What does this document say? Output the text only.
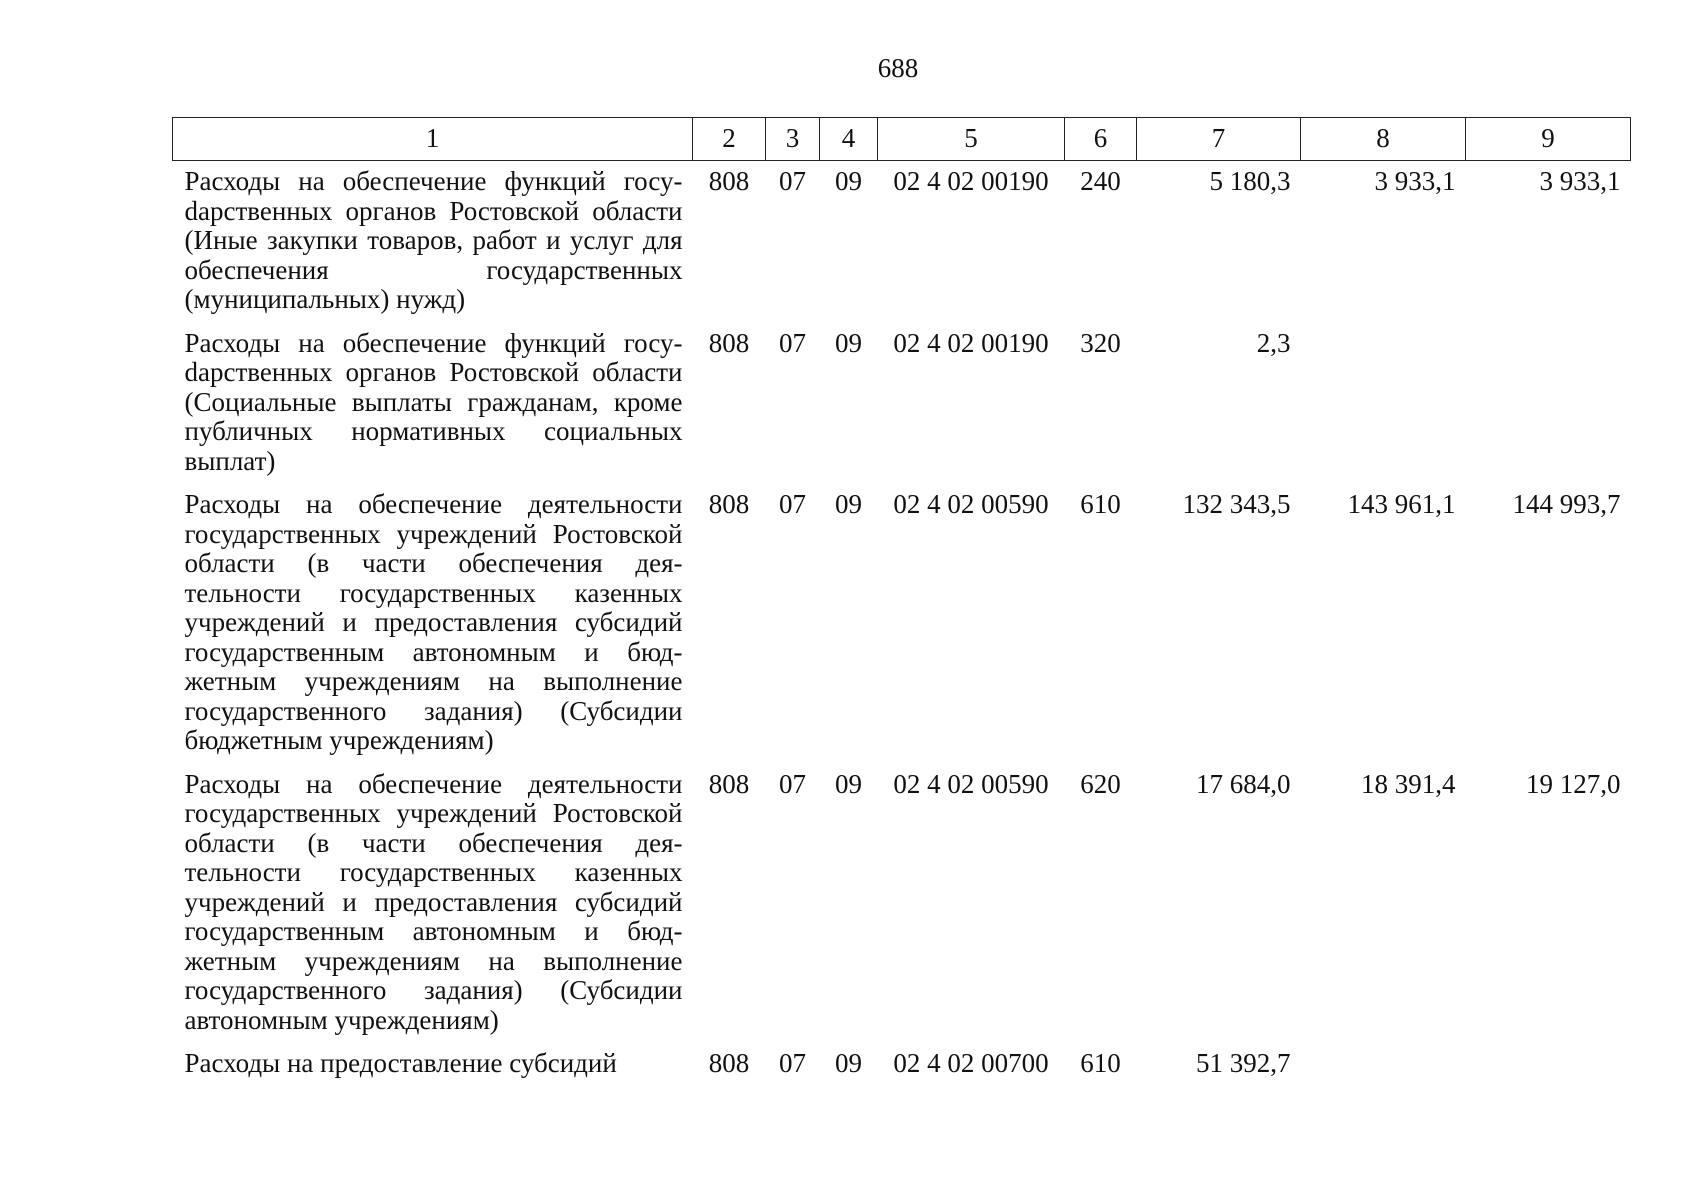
688
1	2	3	4	5	6	7	8	9
Расходы на обеспечение функций госуdарственных органов Ростовской области (Иные закупки товаров, работ и услуг для обеспечения государственных (муниципальных) нужд)	808	07	09	02 4 02 00190	240	5 180,3	3 933,1	3 933,1
Расходы на обеспечение функций госуdарственных органов Ростовской области (Социальные выплаты гражданам, кроме публичных нормативных социальных выплат)	808	07	09	02 4 02 00190	320	2,3		
Расходы на обеспечение деятельности государственных учреждений Ростовской области (в части обеспечения деятельности государственных казенных учреждений и предоставления субсидий государственным автономным и бюджетным учреждениям на выполнение государственного задания) (Субсидии бюджетным учреждениям)	808	07	09	02 4 02 00590	610	132 343,5	143 961,1	144 993,7
Расходы на обеспечение деятельности государственных учреждений Ростовской области (в части обеспечения деятельности государственных казенных учреждений и предоставления субсидий государственным автономным и бюджетным учреждениям на выполнение государственного задания) (Субсидии автономным учреждениям)	808	07	09	02 4 02 00590	620	17 684,0	18 391,4	19 127,0
Расходы на предоставление субсидий	808	07	09	02 4 02 00700	610	51 392,7		
